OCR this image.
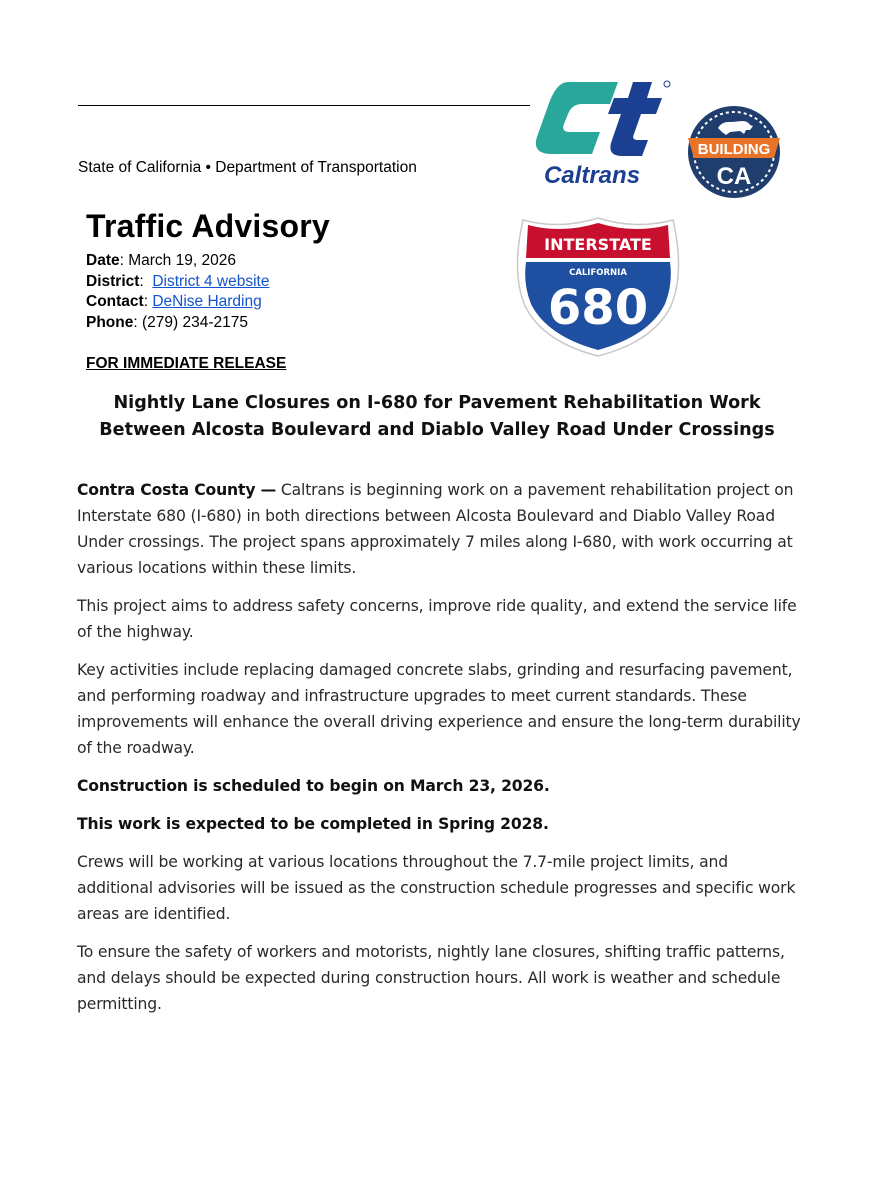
State of California • Department of Transportation	Caltrans
BUILDING
CA
INTERSTATE
CALIFORNIA
680
Traffic Advisory
Date: March 19, 2026
District:  District 4 website
Contact: DeNise Harding
Phone: (279) 234-2175
FOR IMMEDIATE RELEASE
Nightly Lane Closures on I-680 for Pavement Rehabilitation Work
Between Alcosta Boulevard and Diablo Valley Road Under Crossings

Contra Costa County — Caltrans is beginning work on a pavement rehabilitation project on Interstate 680 (I-680) in both directions between Alcosta Boulevard and Diablo Valley Road Under crossings. The project spans approximately 7 miles along I-680, with work occurring at various locations within these limits.

This project aims to address safety concerns, improve ride quality, and extend the service life of the highway.

Key activities include replacing damaged concrete slabs, grinding and resurfacing pavement, and performing roadway and infrastructure upgrades to meet current standards. These improvements will enhance the overall driving experience and ensure the long-term durability of the roadway.

Construction is scheduled to begin on March 23, 2026.

This work is expected to be completed in Spring 2028.

Crews will be working at various locations throughout the 7.7-mile project limits, and additional advisories will be issued as the construction schedule progresses and specific work areas are identified.

To ensure the safety of workers and motorists, nightly lane closures, shifting traffic patterns, and delays should be expected during construction hours. All work is weather and schedule permitting.
